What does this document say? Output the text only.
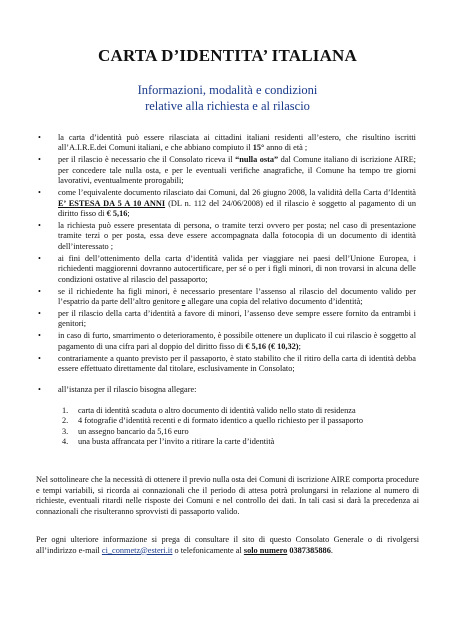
CARTA D’IDENTITA’ ITALIANA
Informazioni, modalità e condizioni
relative alla richiesta e al rilascio
• la carta d’identità può essere rilasciata ai cittadini italiani residenti all’estero, che risultino iscritti all’A.I.R.E.dei Comuni italiani, e che abbiano compiuto il 15° anno di età ;
• per il rilascio è necessario che il Consolato riceva il “nulla osta” dal Comune italiano di iscrizione AIRE; per concedere tale nulla osta, e per le eventuali verifiche anagrafiche, il Comune ha tempo tre giorni lavorativi, eventualmente prorogabili;
• come l’equivalente documento rilasciato dai Comuni, dal 26 giugno 2008, la validità della Carta d’Identità E’ ESTESA DA 5 A 10 ANNI (DL n. 112 del 24/06/2008) ed il rilascio è soggetto al pagamento di un diritto fisso di € 5,16;
• la richiesta può essere presentata di persona, o tramite terzi ovvero per posta; nel caso di presentazione tramite terzi o per posta, essa deve essere accompagnata dalla fotocopia di un documento di identità dell’interessato ;
• ai fini dell’ottenimento della carta d’identità valida per viaggiare nei paesi dell’Unione Europea, i richiedenti maggiorenni dovranno autocertificare, per sé o per i figli minori, di non trovarsi in alcuna delle condizioni ostative al rilascio del passaporto;
• se il richiedente ha figli minori, è necessario presentare l’assenso al rilascio del documento valido per l’espatrio da parte dell’altro genitore e allegare una copia del relativo documento d’identità;
• per il rilascio della carta d’identità a favore di minori, l’assenso deve sempre essere fornito da entrambi i genitori;
• in caso di furto, smarrimento o deterioramento, è possibile ottenere un duplicato il cui rilascio è soggetto al pagamento di una cifra pari al doppio del diritto fisso di € 5,16 (€ 10,32);
• contrariamente a quanto previsto per il passaporto, è stato stabilito che il ritiro della carta di identità debba essere effettuato direttamente dal titolare, esclusivamente in Consolato;
• all’istanza per il rilascio bisogna allegare:
1. carta di identità scaduta o altro documento di identità valido nello stato di residenza
2. 4 fotografie d’identità recenti e di formato identico a quello richiesto per il passaporto
3. un assegno bancario da 5,16 euro
4. una busta affrancata per l’invito a ritirare la carte d’identità

Nel sottolineare che la necessità di ottenere il previo nulla osta dei Comuni di iscrizione AIRE comporta procedure e tempi variabili, si ricorda ai connazionali che il periodo di attesa potrà prolungarsi in relazione al numero di richieste, eventuali ritardi nelle risposte dei Comuni e nel controllo dei dati. In tali casi si darà la precedenza ai connazionali che risulteranno sprovvisti di passaporto valido.

Per ogni ulteriore informazione si prega di consultare il sito di questo Consolato Generale o di rivolgersi all’indirizzo e-mail ci_conmetz@esteri.it o telefonicamente al solo numero 0387385886.
